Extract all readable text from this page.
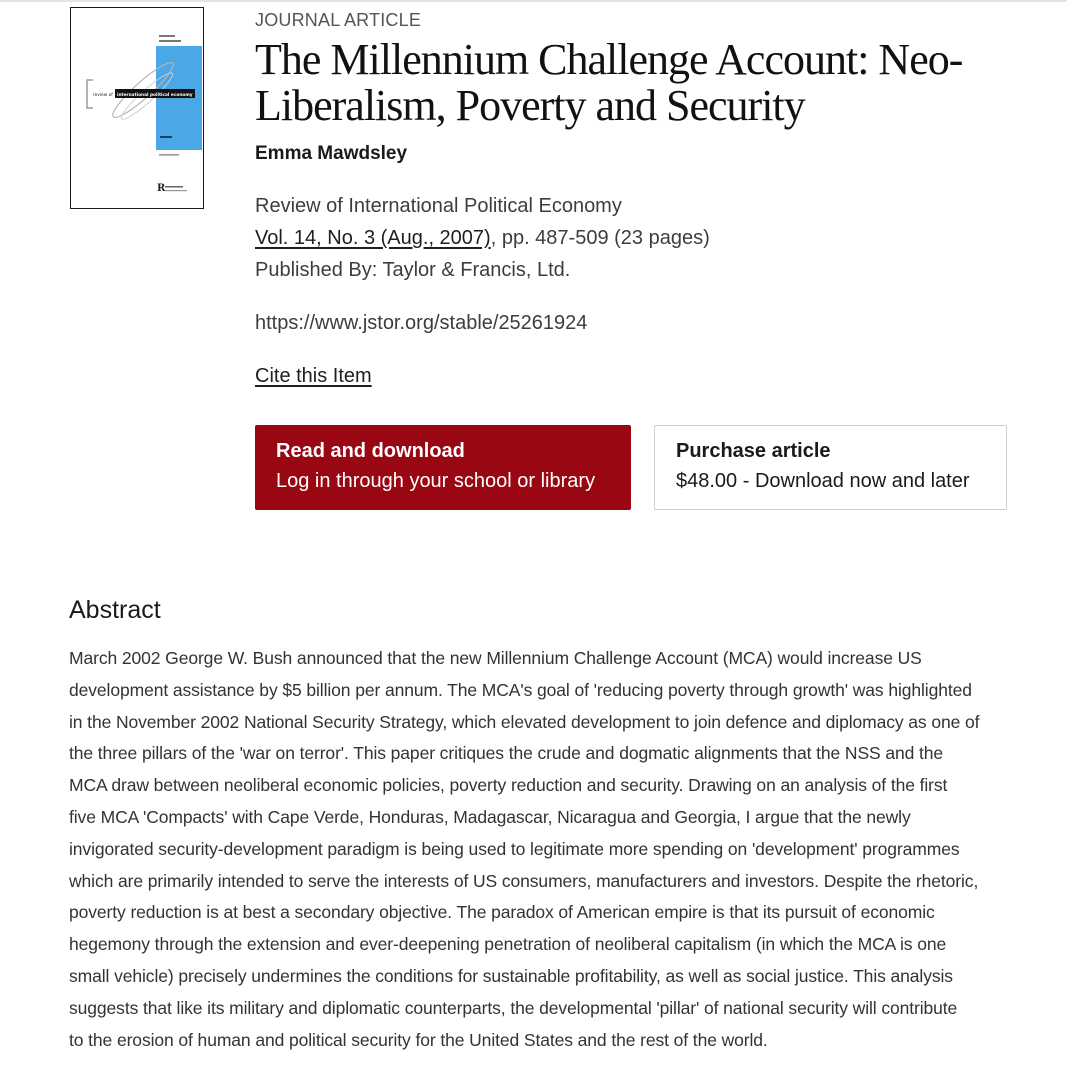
review of international political economy
R
JOURNAL ARTICLE
The Millennium Challenge Account: Neo-Liberalism, Poverty and Security
Emma Mawdsley
Review of International Political Economy
Vol. 14, No. 3 (Aug., 2007), pp. 487-509 (23 pages)
Published By: Taylor & Francis, Ltd.
https://www.jstor.org/stable/25261924
Cite this Item
Read and download
Log in through your school or library
Purchase article
$48.00 - Download now and later
Abstract

March 2002 George W. Bush announced that the new Millennium Challenge Account (MCA) would increase US
development assistance by $5 billion per annum. The MCA's goal of 'reducing poverty through growth' was highlighted
in the November 2002 National Security Strategy, which elevated development to join defence and diplomacy as one of
the three pillars of the 'war on terror'. This paper critiques the crude and dogmatic alignments that the NSS and the
MCA draw between neoliberal economic policies, poverty reduction and security. Drawing on an analysis of the first
five MCA 'Compacts' with Cape Verde, Honduras, Madagascar, Nicaragua and Georgia, I argue that the newly
invigorated security-development paradigm is being used to legitimate more spending on 'development' programmes
which are primarily intended to serve the interests of US consumers, manufacturers and investors. Despite the rhetoric,
poverty reduction is at best a secondary objective. The paradox of American empire is that its pursuit of economic
hegemony through the extension and ever-deepening penetration of neoliberal capitalism (in which the MCA is one
small vehicle) precisely undermines the conditions for sustainable profitability, as well as social justice. This analysis
suggests that like its military and diplomatic counterparts, the developmental 'pillar' of national security will contribute
to the erosion of human and political security for the United States and the rest of the world.
